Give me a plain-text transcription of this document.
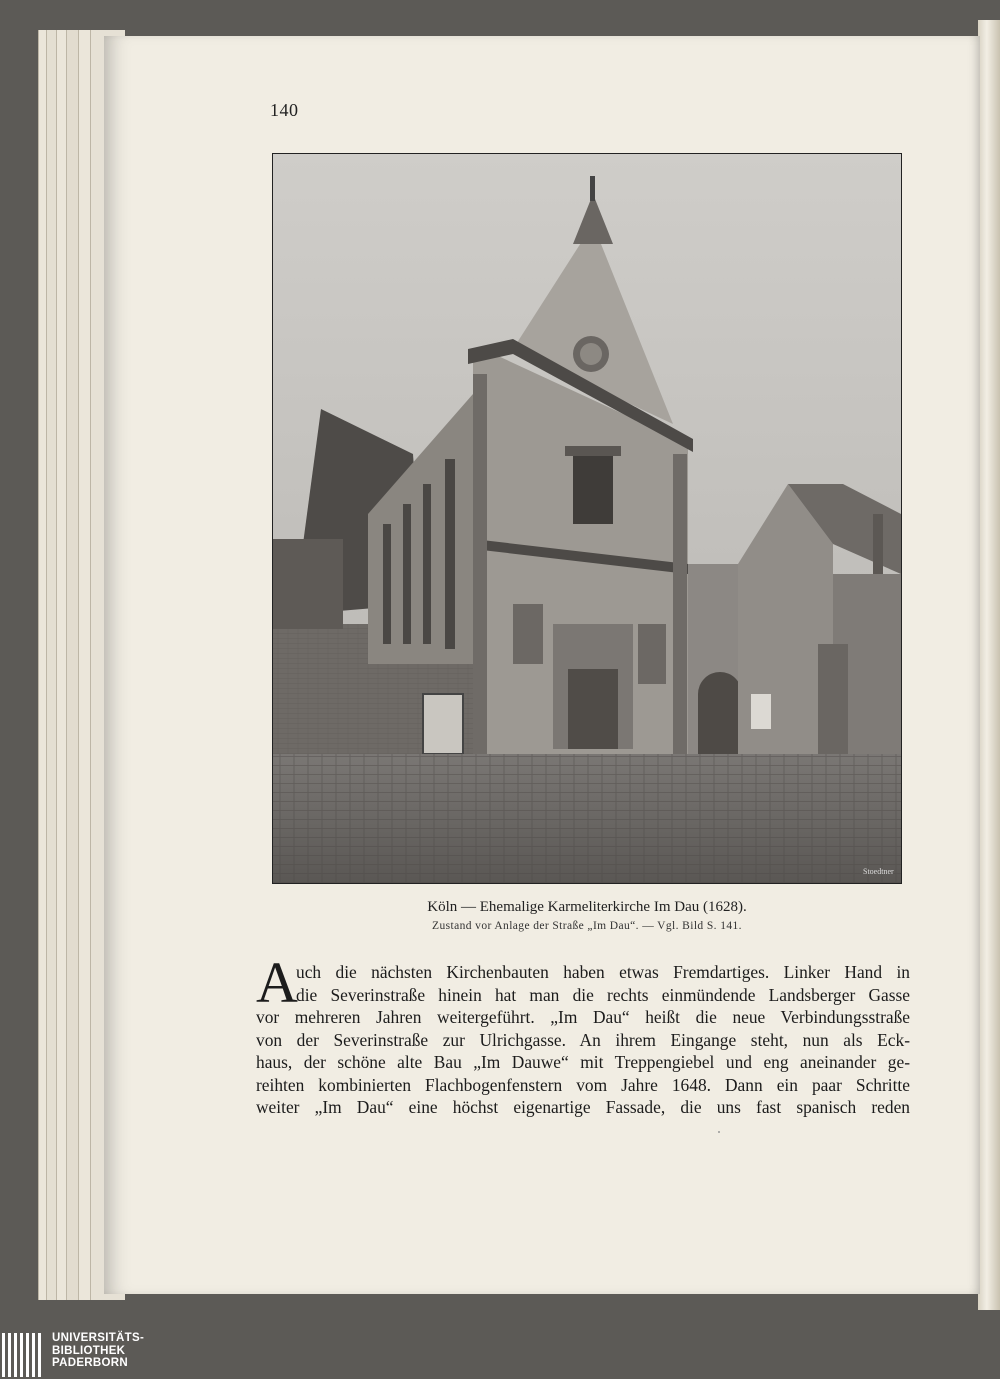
140
Stoedtner
Köln — Ehemalige Karmeliterkirche Im Dau (1628).
Zustand vor Anlage der Straße „Im Dau“. — Vgl. Bild S. 141.
A
uch die nächsten Kirchenbauten haben etwas Fremdartiges. Linker Hand in
die Severinstraße hinein hat man die rechts einmündende Landsberger Gasse
vor mehreren Jahren weitergeführt. „Im Dau“ heißt die neue Verbindungsstraße
von der Severinstraße zur Ulrichgasse. An ihrem Eingange steht, nun als Eck-
haus, der schöne alte Bau „Im Dauwe“ mit Treppengiebel und eng aneinander ge-
reihten kombinierten Flachbogenfenstern vom Jahre 1648. Dann ein paar Schritte
weiter „Im Dau“ eine höchst eigenartige Fassade, die uns fast spanisch reden
UNIVERSITÄTS-
BIBLIOTHEK
PADERBORN
